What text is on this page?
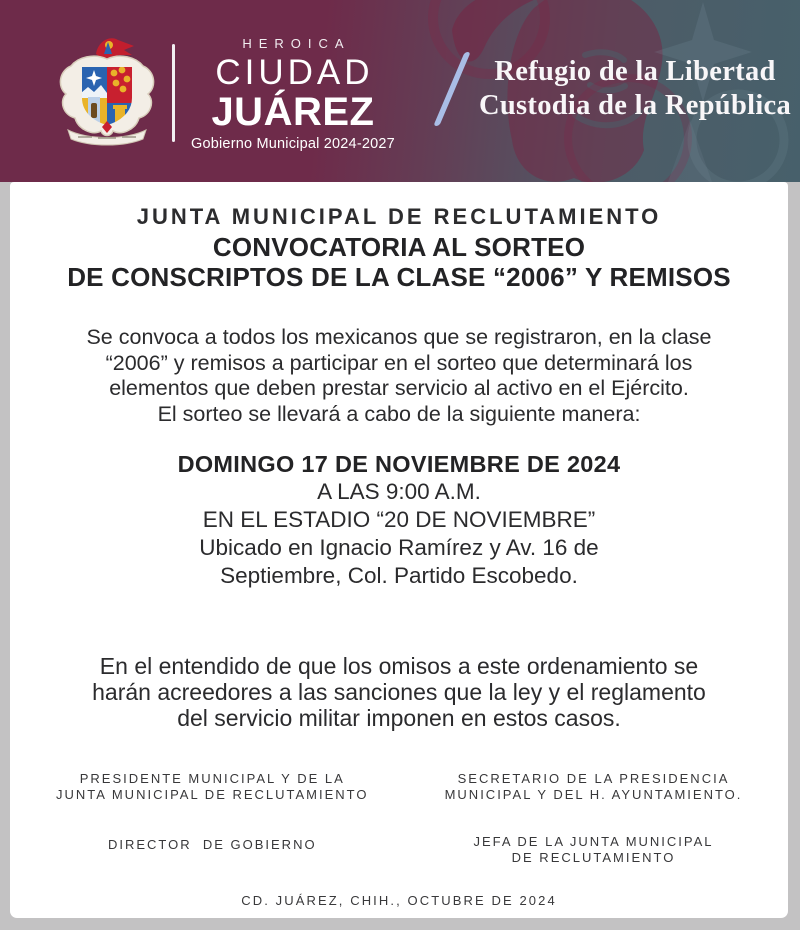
HEROICA
CIUDAD
JUÁREZ
Gobierno Municipal 2024-2027
Refugio de la Libertad
Custodia de la República
JUNTA MUNICIPAL DE RECLUTAMIENTO
CONVOCATORIA AL SORTEO
DE CONSCRIPTOS DE LA CLASE “2006” Y REMISOS
Se convoca a todos los mexicanos que se registraron, en la clase
“2006” y remisos a participar en el sorteo que determinará los
elementos que deben prestar servicio al activo en el Ejército.
El sorteo se llevará a cabo de la siguiente manera:
DOMINGO 17 DE NOVIEMBRE DE 2024
A LAS 9:00 A.M.
EN EL ESTADIO “20 DE NOVIEMBRE”
Ubicado en Ignacio Ramírez y Av. 16 de
Septiembre, Col. Partido Escobedo.
En el entendido de que los omisos a este ordenamiento se
harán acreedores a las sanciones que la ley y el reglamento
del servicio militar imponen en estos casos.
PRESIDENTE MUNICIPAL Y DE LA
JUNTA MUNICIPAL DE RECLUTAMIENTO
SECRETARIO DE LA PRESIDENCIA
MUNICIPAL Y DEL H. AYUNTAMIENTO.
DIRECTOR  DE GOBIERNO	JEFA DE LA JUNTA MUNICIPAL
DE RECLUTAMIENTO
CD. JUÁREZ, CHIH., OCTUBRE DE 2024
